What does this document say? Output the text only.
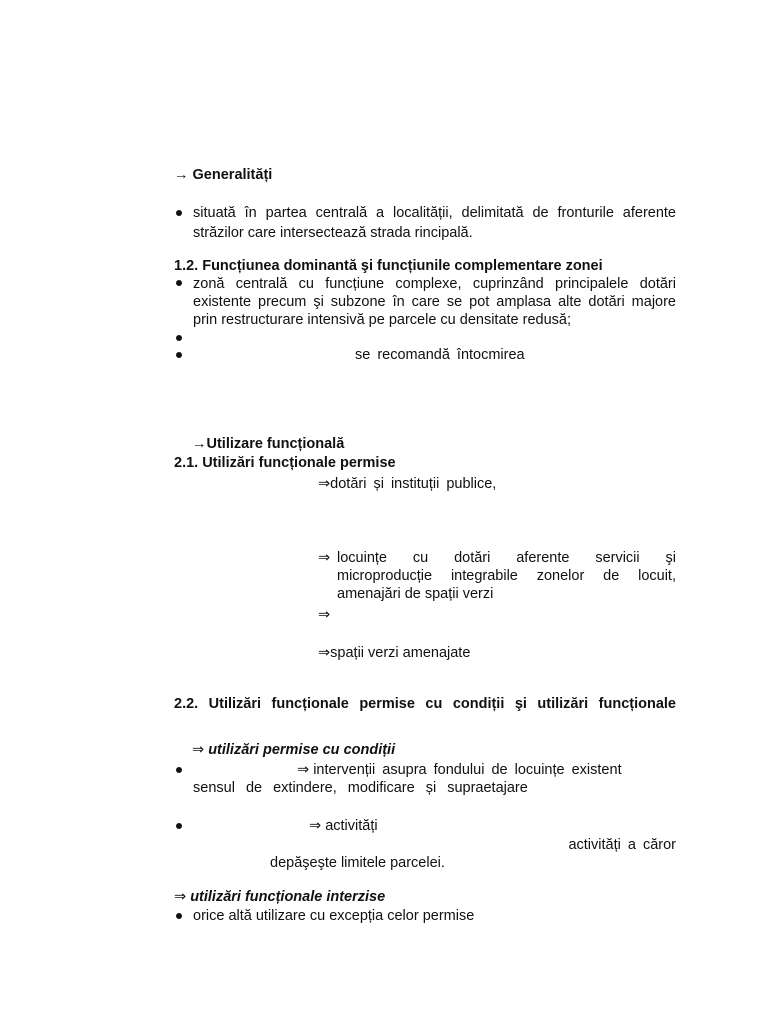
→ Generalități
situată în partea centrală a localității, delimitată de fronturile aferente
străzilor care intersectează strada rincipală.
1.2. Funcțiunea dominantă şi funcțiunile complementare zonei
zonă centrală cu funcțiune complexe, cuprinzând principalele dotări
existente precum şi subzone în care se pot amplasa alte dotări majore
prin restructurare intensivă pe parcele cu densitate redusă;
se recomandă întocmirea
→Utilizare funcțională
2.1. Utilizări funcționale permise
⇒dotări și instituții publice,
⇒ locuințe cu dotări aferente servicii şi
microproducție integrabile zonelor de locuit,
amenajări de spații verzi
⇒
⇒spații verzi amenajate
2.2. Utilizări funcționale permise cu condiții şi utilizări funcționale
⇒ utilizări permise cu condiții
⇒ intervenții asupra fondului de locuințe existent
sensul de extindere, modificare și supraetajare
⇒ activități
activități a căror
depăşeşte limitele parcelei.
⇒ utilizări funcționale interzise
orice altă utilizare cu excepția celor permise
